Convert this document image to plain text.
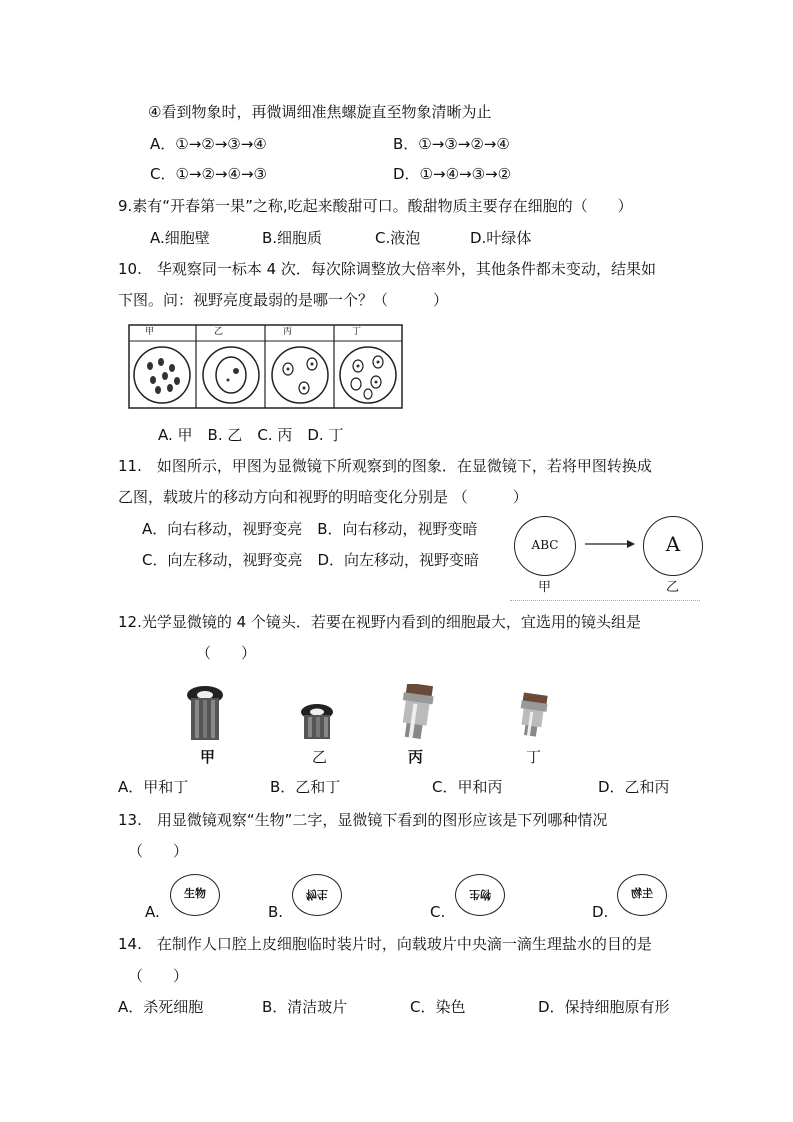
④看到物象时，再微调细准焦螺旋直至物象清晰为止
A．①→②→③→④	B．①→③→②→④
C．①→②→④→③	D．①→④→③→②
9.素有“开春第一果”之称,吃起来酸甜可口。酸甜物质主要存在细胞的（　　）
A.细胞壁	B.细胞质	C.液泡	D.叶绿体
10.　华观察同一标本 4 次．每次除调整放大倍率外，其他条件都未变动，结果如
下图。问：视野亮度最弱的是哪一个？（　　　）
甲	乙	丙	丁
A. 甲　B. 乙　C. 丙　D. 丁
11.　如图所示，甲图为显微镜下所观察到的图象．在显微镜下，若将甲图转换成
乙图，载玻片的移动方向和视野的明暗变化分别是 （　　　）
A．向右移动，视野变亮　B．向右移动，视野变暗
C．向左移动，视野变亮　D．向左移动，视野变暗
ABC	A
甲	乙
12.光学显微镜的 4 个镜头．若要在视野内看到的细胞最大，宜选用的镜头组是
（　　）
甲	乙	丙	丁
A．甲和丁	B．乙和丁	C．甲和丙	D．乙和丙
13.　用显微镜观察“生物”二字，显微镜下看到的图形应该是下列哪种情况
（　　）
A.
生物
B.
物生
C.
物生
D.
生物
14.　在制作人口腔上皮细胞临时装片时，向载玻片中央滴一滴生理盐水的目的是
（　　）
A．杀死细胞	B．清洁玻片	C．染色	D．保持细胞原有形
